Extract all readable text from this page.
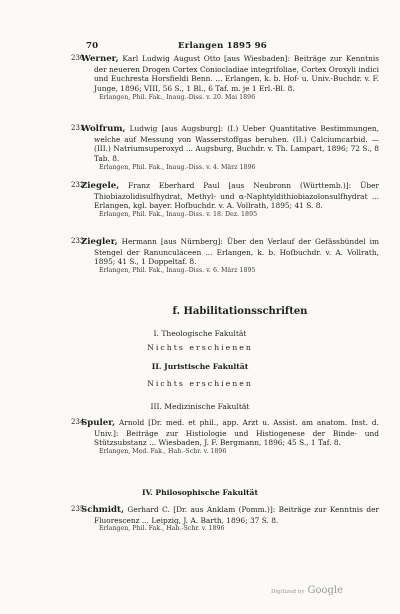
70	Erlangen 1895 96
230
Werner, Karl Ludwig August Otto [aus Wiesbaden]: Beiträge zur Kenntnis der neueren Drogen Cortex Coniocladiae integrifoliae, Cortex Oroxyli indici und Euchresta Horsfieldi Benn. ... Erlangen, k. b. Hof- u. Univ.-Buchdr. v. F. Junge, 1896; VIII, 56 S., 1 Bl., 6 Taf. m. je 1 Erl.-Bl. 8.
Erlangen, Phil. Fak., Inaug.-Diss. v. 20. Mai 1896
231
Wolfrum, Ludwig [aus Augsburg]: (I.) Ueber Quantitative Bestimmungen, welche auf Messung von Wasserstoffgas beruhen. (II.) Calciumcarbid. — (III.) Natriumsuperoxyd ... Augsburg, Buchdr. v. Th. Lampart, 1896; 72 S., 8 Tab. 8.
Erlangen, Phil. Fak., Inaug.-Diss. v. 4. März 1896
232
Ziegele, Franz Eberhard Paul [aus Neubronn (Württemb.)]: Über Thiobiazolidisulfhydrat, Methyl- und α-Naphtyldithiobiazolonsulfhydrat ... Erlangen, kgl. bayer. Hofbuchdr. v. A. Vollrath, 1895; 41 S. 8.
Erlangen, Phil. Fak., Inaug.-Diss. v. 18. Dez. 1895
233
Ziegler, Hermann [aus Nürnberg]: Über den Verlauf der Gefässbündel im Stengel der Ranunculaceen ... Erlangen, k. b. Hofbuchdr. v. A. Vollrath, 1895; 41 S., 1 Doppeltaf. 8.
Erlangen, Phil. Fak., Inaug.-Diss. v. 6. März 1895
f. Habilitationsschriften
I. Theologische Fakultät
Nichts erschienen
II. Juristische Fakultät
Nichts erschienen
III. Medizinische Fakultät
234
Spuler, Arnold [Dr. med. et phil., app. Arzt u. Assist. am anatom. Inst. d. Univ.]: Beiträge zur Histiologie und Histiogenese der Binde- und Stützsubstanz ... Wiesbaden, J. F. Bergmann, 1896; 45 S., 1 Taf. 8.
Erlangen, Med. Fak., Hab.-Schr. v. 1896
IV. Philosophische Fakultät
235
Schmidt, Gerhard C. [Dr. aus Anklam (Pomm.)]: Beiträge zur Kenntnis der Fluorescenz ... Leipzig, J. A. Barth, 1896; 37 S. 8.
Erlangen, Phil. Fak., Hab.-Schr. v. 1896
Digitized by Google
